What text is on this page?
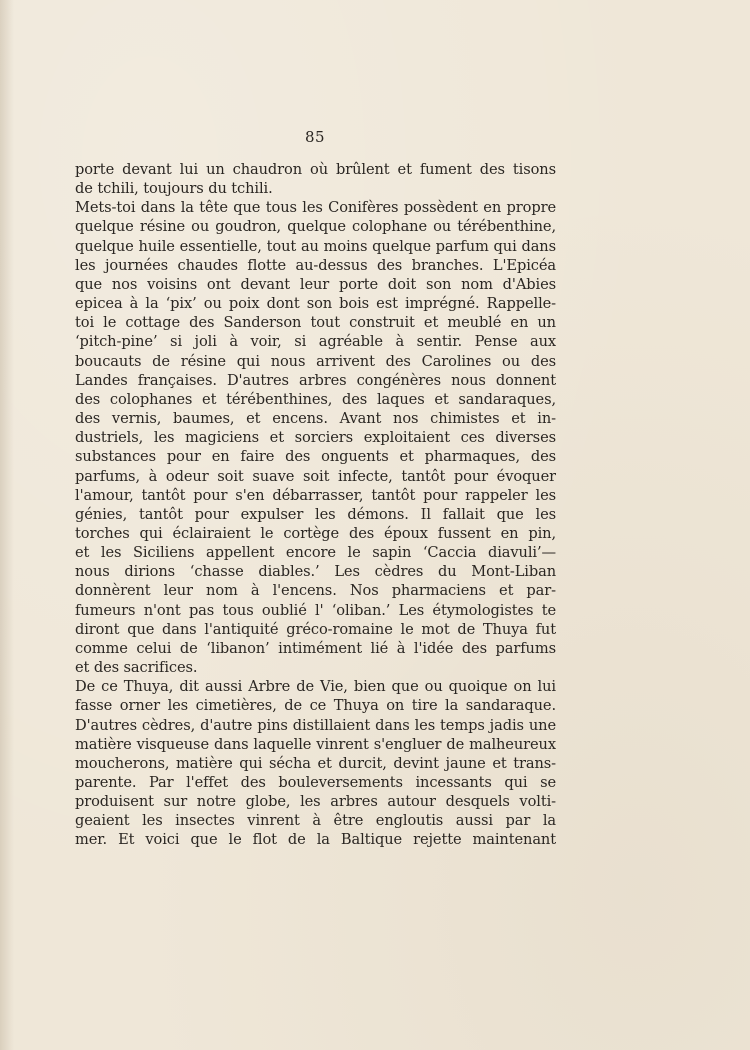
85
porte devant lui un chaudron où brûlent et fument des tisons
de tchili, toujours du tchili.
Mets-toi dans la tête que tous les Conifères possèdent en propre
quelque résine ou goudron, quelque colophane ou térébenthine,
quelque huile essentielle, tout au moins quelque parfum qui dans
les journées chaudes flotte au-dessus des branches. L'Epicéa
que nos voisins ont devant leur porte doit son nom d'Abies
epicea à la ‘pix’ ou poix dont son bois est imprégné. Rappelle-
toi le cottage des Sanderson tout construit et meublé en un
‘pitch-pine’ si joli à voir, si agréable à sentir. Pense aux
boucauts de résine qui nous arrivent des Carolines ou des
Landes françaises. D'autres arbres congénères nous donnent
des colophanes et térébenthines, des laques et sandaraques,
des vernis, baumes, et encens. Avant nos chimistes et in-
dustriels, les magiciens et sorciers exploitaient ces diverses
substances pour en faire des onguents et pharmaques, des
parfums, à odeur soit suave soit infecte, tantôt pour évoquer
l'amour, tantôt pour s'en débarrasser, tantôt pour rappeler les
génies, tantôt pour expulser les démons. Il fallait que les
torches qui éclairaient le cortège des époux fussent en pin,
et les Siciliens appellent encore le sapin ‘Caccia diavuli’—
nous dirions ‘chasse diables.’ Les cèdres du Mont-Liban
donnèrent leur nom à l'encens. Nos pharmaciens et par-
fumeurs n'ont pas tous oublié l' ‘oliban.’ Les étymologistes te
diront que dans l'antiquité gréco-romaine le mot de Thuya fut
comme celui de ‘libanon’ intimément lié à l'idée des parfums
et des sacrifices.
De ce Thuya, dit aussi Arbre de Vie, bien que ou quoique on lui
fasse orner les cimetières, de ce Thuya on tire la sandaraque.
D'autres cèdres, d'autre pins distillaient dans les temps jadis une
matière visqueuse dans laquelle vinrent s'engluer de malheureux
moucherons, matière qui sécha et durcit, devint jaune et trans-
parente. Par l'effet des bouleversements incessants qui se
produisent sur notre globe, les arbres autour desquels volti-
geaient les insectes vinrent à être engloutis aussi par la
mer. Et voici que le flot de la Baltique rejette maintenant
